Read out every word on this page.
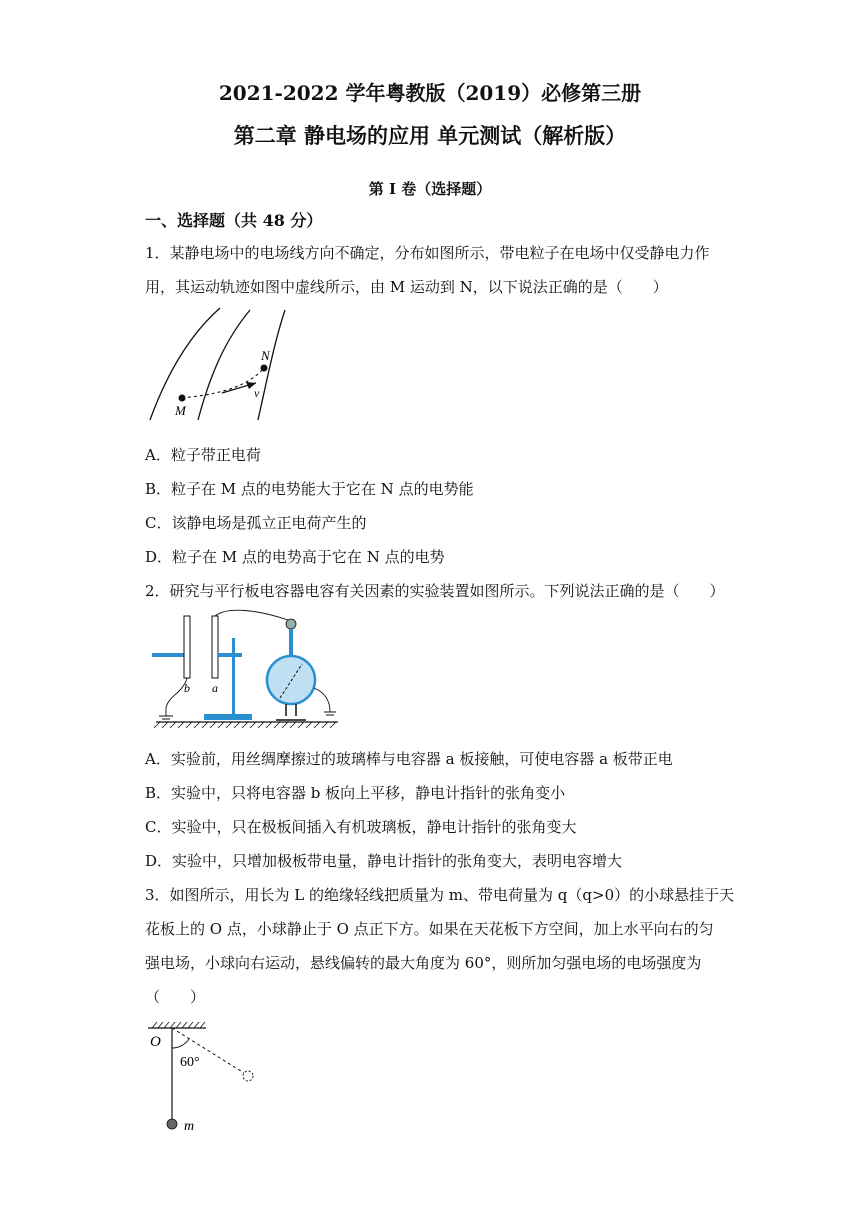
2021-2022 学年粤教版（2019）必修第三册
第二章 静电场的应用 单元测试（解析版）
第 I 卷（选择题）
一、选择题（共 48 分）
1．某静电场中的电场线方向不确定，分布如图所示，带电粒子在电场中仅受静电力作
用，其运动轨迹如图中虚线所示，由 M 运动到 N，以下说法正确的是（　　）
M
N
v
A．粒子带正电荷
B．粒子在 M 点的电势能大于它在 N 点的电势能
C．该静电场是孤立正电荷产生的
D．粒子在 M 点的电势高于它在 N 点的电势
2．研究与平行板电容器电容有关因素的实验装置如图所示。下列说法正确的是（　　）
b a
A．实验前，用丝绸摩擦过的玻璃棒与电容器 a 板接触，可使电容器 a 板带正电
B．实验中，只将电容器 b 板向上平移，静电计指针的张角变小
C．实验中，只在极板间插入有机玻璃板，静电计指针的张角变大
D．实验中，只增加极板带电量，静电计指针的张角变大，表明电容增大
3．如图所示，用长为 L 的绝缘轻线把质量为 m、带电荷量为 q（q>0）的小球悬挂于天
花板上的 O 点，小球静止于 O 点正下方。如果在天花板下方空间，加上水平向右的匀
强电场，小球向右运动，悬线偏转的最大角度为 60°，则所加匀强电场的电场强度为
（　　）
O
60°
m
